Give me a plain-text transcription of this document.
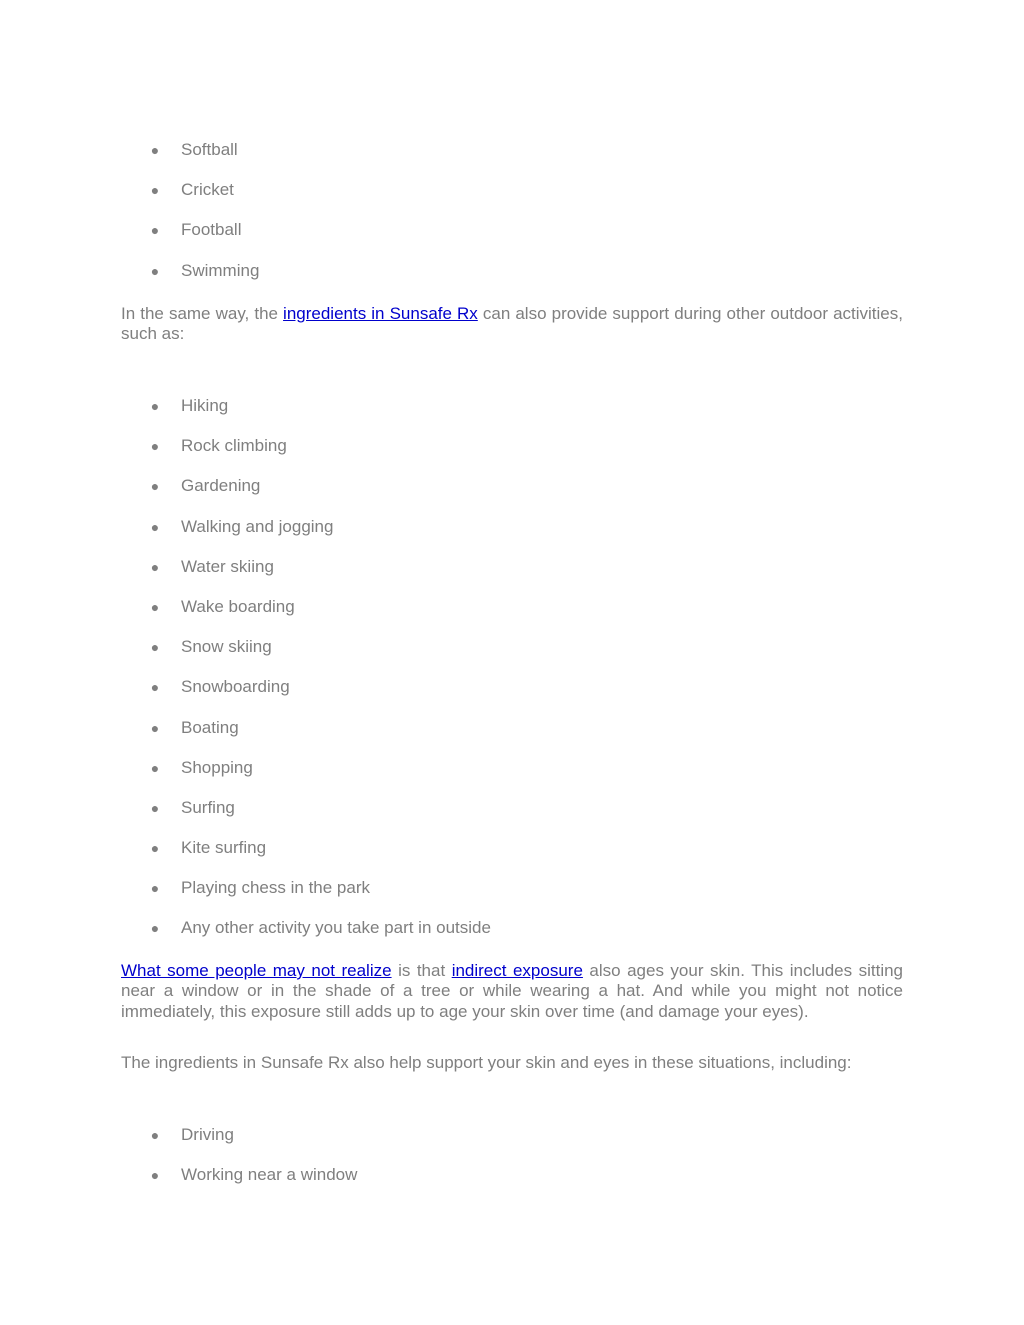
● Softball
● Cricket
● Football
● Swimming

In the same way, the ingredients in Sunsafe Rx can also provide support during other outdoor activities, such as:

● Hiking
● Rock climbing
● Gardening
● Walking and jogging
● Water skiing
● Wake boarding
● Snow skiing
● Snowboarding
● Boating
● Shopping
● Surfing
● Kite surfing
● Playing chess in the park
● Any other activity you take part in outside

What some people may not realize is that indirect exposure also ages your skin. This includes sitting near a window or in the shade of a tree or while wearing a hat. And while you might not notice immediately, this exposure still adds up to age your skin over time (and damage your eyes).

The ingredients in Sunsafe Rx also help support your skin and eyes in these situations, including:

● Driving
● Working near a window
